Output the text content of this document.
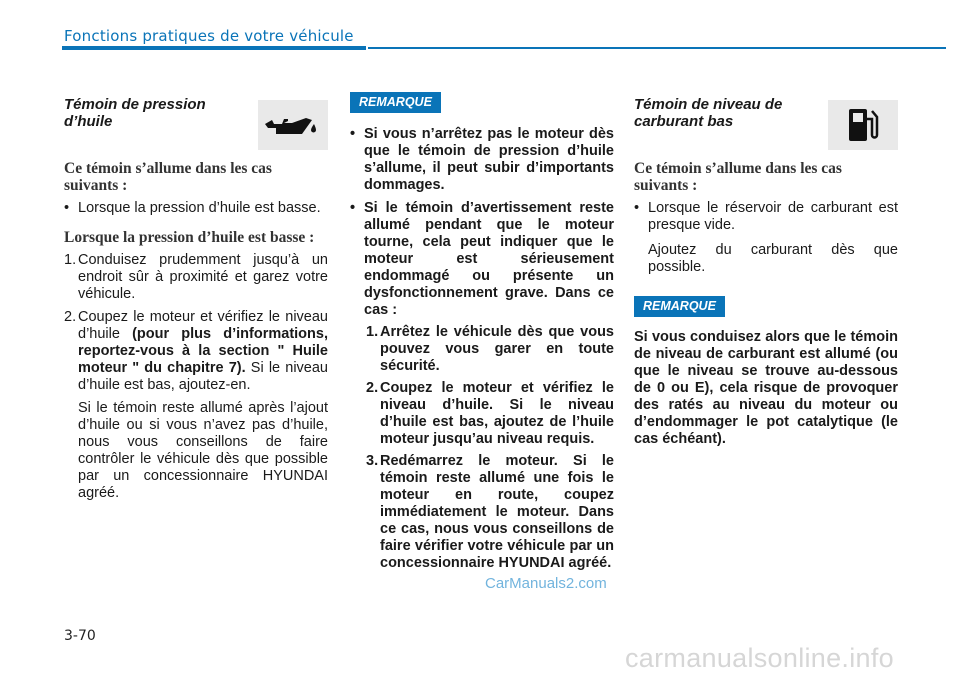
Fonctions pratiques de votre véhicule
Témoin de pression d’huile
Ce témoin s’allume dans les cas suivants :
• Lorsque la pression d’huile est basse.
Lorsque la pression d’huile est basse :
1. Conduisez prudemment jusqu’à un endroit sûr à proximité et garez votre véhicule.
2. Coupez le moteur et vérifiez le niveau d’huile (pour plus d’informations, reportez-vous à la section " Huile moteur " du chapitre 7). Si le niveau d’huile est bas, ajoutez-en.
Si le témoin reste allumé après l’ajout d’huile ou si vous n’avez pas d’huile, nous vous conseillons de faire contrôler le véhicule dès que possible par un concessionnaire HYUNDAI agréé.
REMARQUE
• Si vous n’arrêtez pas le moteur dès que le témoin de pression d’huile s’allume, il peut subir d’importants dommages.
• Si le témoin d’avertissement reste allumé pendant que le moteur tourne, cela peut indiquer que le moteur est sérieusement endommagé ou présente un dysfonctionnement grave. Dans ce cas :
1. Arrêtez le véhicule dès que vous pouvez vous garer en toute sécurité.
2. Coupez le moteur et vérifiez le niveau d’huile. Si le niveau d’huile est bas, ajoutez de l’huile moteur jusqu’au niveau requis.
3. Redémarrez le moteur. Si le témoin reste allumé une fois le moteur en route, coupez immédiatement le moteur. Dans ce cas, nous vous conseillons de faire vérifier votre véhicule par un concessionnaire HYUNDAI agréé.
Témoin de niveau de carburant bas
Ce témoin s’allume dans les cas suivants :
• Lorsque le réservoir de carburant est presque vide.
Ajoutez du carburant dès que possible.
REMARQUE
Si vous conduisez alors que le témoin de niveau de carburant est allumé (ou que le niveau se trouve au-dessous de 0 ou E), cela risque de provoquer des ratés au niveau du moteur ou d’endommager le pot catalytique (le cas échéant).
CarManuals2.com
3-70
carmanualsonline.info
